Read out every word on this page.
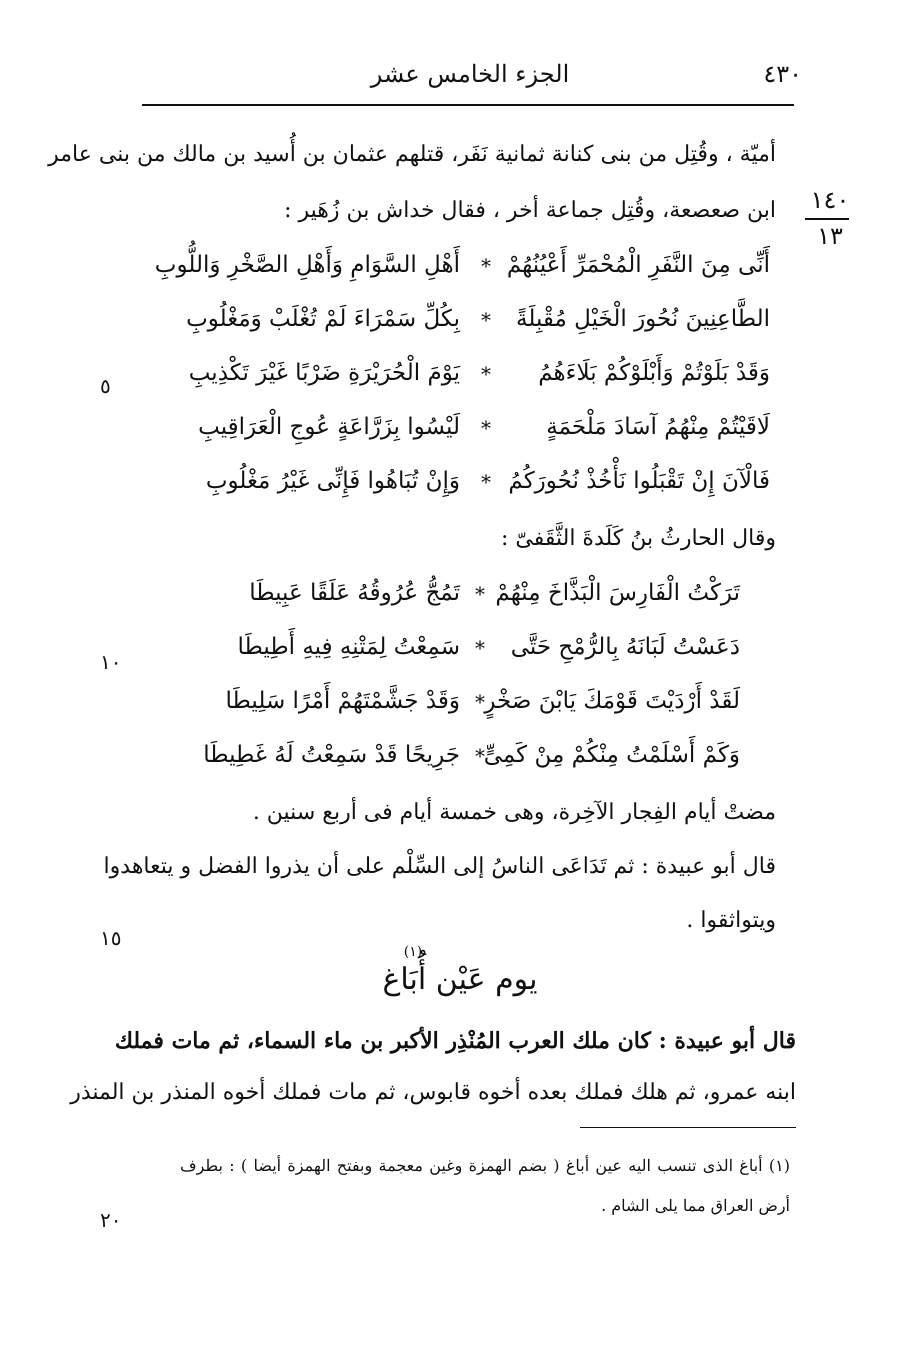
الجزء الخامس عشر	٤٣٠
١٤٠
١٣
٥
١٠
١٥
٢٠
أميّة ، وقُتِل من بنى كنانة ثمانية نَفَر، قتلهم عثمان بن أُسيد بن مالك من بنى عامر
ابن صعصعة، وقُتِل جماعة أخر ، فقال خداش بن زُهَير :
أَنِّى مِنَ النَّفَرِ الْمُحْمَرِّ أَعْيُنُهُمْ
*
أَهْلِ السَّوَامِ وَأَهْلِ الصَّخْرِ وَاللُّوبِ
الطَّاعِنِينَ نُحُورَ الْخَيْلِ مُقْبِلَةً
*
بِكُلِّ سَمْرَاءَ لَمْ تُغْلَبْ وَمَغْلُوبِ
وَقَدْ بَلَوْتُمْ وَأَبْلَوْكُمْ بَلَاءَهُمُ
*
يَوْمَ الْحُرَيْرَةِ ضَرْبًا غَيْرَ تَكْذِيبِ
لَاقَيْتُمْ مِنْهُمُ آسَادَ مَلْحَمَةٍ
*
لَيْسُوا بِزَرَّاعَةٍ عُوجِ الْعَرَاقِيبِ
فَالْآنَ إِنْ تَقْبَلُوا نَأْخُذْ نُحُورَكُمُ
*
وَإِنْ تُبَاهُوا فَإِنِّى غَيْرُ مَغْلُوبِ
وقال الحارثُ بنُ كَلَدةَ الثَّقَفىّ :
تَرَكْتُ الْفَارِسَ الْبَذَّاخَ مِنْهُمْ
*
تَمُجُّ عُرُوقُهُ عَلَقًا عَبِيطَا
دَعَسْتُ لَبَانَهُ بِالرُّمْحِ حَتَّى
*
سَمِعْتُ لِمَتْنِهِ فِيهِ أَطِيطَا
لَقَدْ أَرْدَيْتَ قَوْمَكَ يَابْنَ صَخْرٍ
*
وَقَدْ جَشَّمْتَهُمْ أَمْرًا سَلِيطَا
وَكَمْ أَسْلَمْتُ مِنْكُمْ مِنْ كَمِىٍّ
*
جَرِيحًا قَدْ سَمِعْتُ لَهُ غَطِيطَا
مضتْ أيام الفِجار الآخِرة، وهى خمسة أيام فى أربع سنين .
قال أبو عبيدة : ثم تَدَاعَى الناسُ إلى السِّلْم على أن يذروا الفضل و يتعاهدوا
ويتواثقوا .
(١)
يوم عَيْن أُبَاغ
قال أبو عبيدة : كان ملك العرب المُنْذِر الأكبر بن ماء السماء، ثم مات فملك
ابنه عمرو، ثم هلك فملك بعده أخوه قابوس، ثم مات فملك أخوه المنذر بن المنذر
(١) أباغ الذى تنسب اليه عين أباغ ( بضم الهمزة وغين معجمة وبفتح الهمزة أيضا ) : بطرف
أرض العراق مما يلى الشام .
